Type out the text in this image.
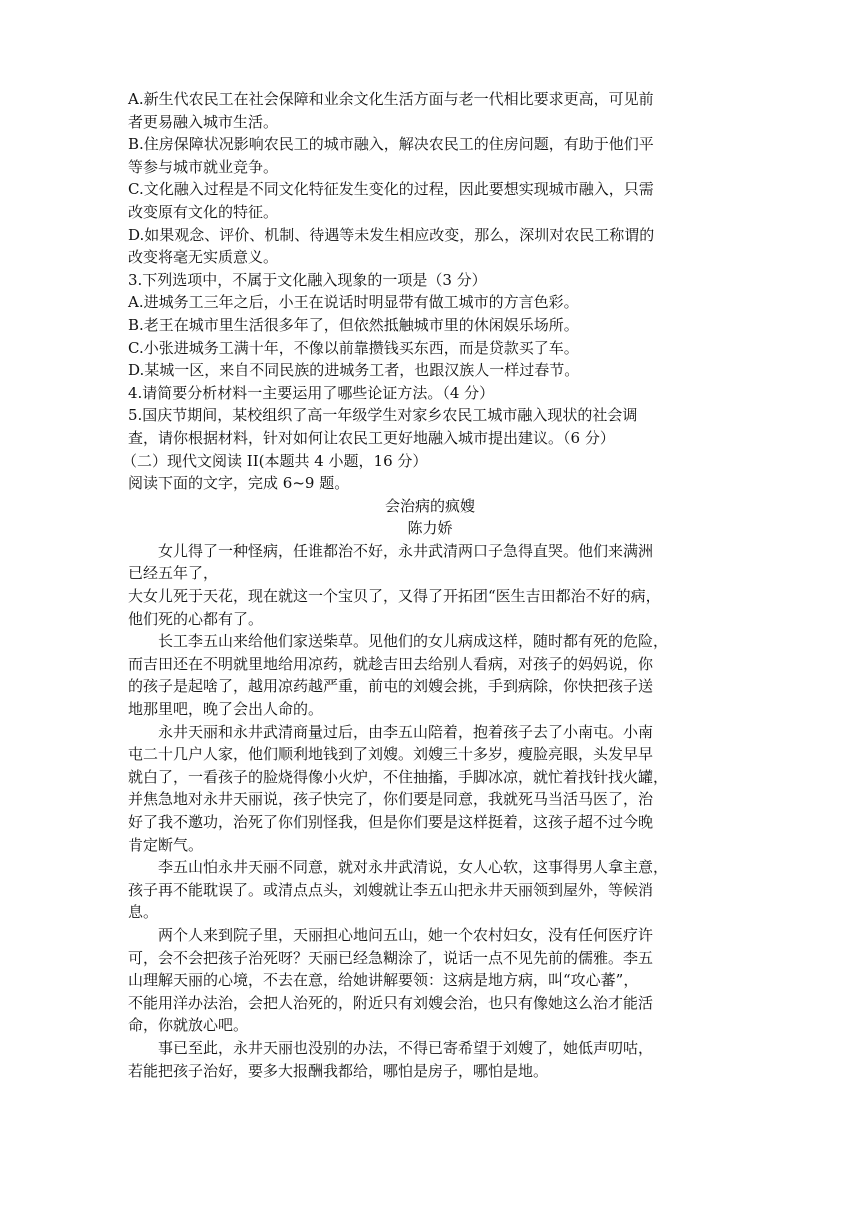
A.新生代农民工在社会保障和业余文化生活方面与老一代相比要求更高，可见前

者更易融入城市生活。

B.住房保障状况影响农民工的城市融入，解决农民工的住房问题，有助于他们平

等参与城市就业竞争。

C.文化融入过程是不同文化特征发生变化的过程，因此要想实现城市融入，只需

改变原有文化的特征。

D.如果观念、评价、机制、待遇等未发生相应改变，那么，深圳对农民工称谓的

改变将毫无实质意义。

3.下列选项中，不属于文化融入现象的一项是（3 分）

A.进城务工三年之后，小王在说话时明显带有做工城市的方言色彩。

B.老王在城市里生活很多年了，但依然抵触城市里的休闲娱乐场所。

C.小张进城务工满十年，不像以前靠攒钱买东西，而是贷款买了车。

D.某城一区，来自不同民族的进城务工者，也跟汉族人一样过春节。

4.请简要分析材料一主要运用了哪些论证方法。（4 分）

5.国庆节期间，某校组织了高一年级学生对家乡农民工城市融入现状的社会调

查，请你根据材料，针对如何让农民工更好地融入城市提出建议。（6 分）

（二）现代文阅读 II(本题共 4 小题，16 分）

阅读下面的文字，完成 6~9 题。

会治病的疯嫂

陈力娇

女儿得了一种怪病，任谁都治不好，永井武清两口子急得直哭。他们来满洲

已经五年了，

大女儿死于天花，现在就这一个宝贝了，又得了开拓团“医生吉田都治不好的病，

他们死的心都有了。

长工李五山来给他们家送柴草。见他们的女儿病成这样，随时都有死的危险，

而吉田还在不明就里地给用凉药，就趁吉田去给别人看病，对孩子的妈妈说，你

的孩子是起啥了，越用凉药越严重，前屯的刘嫂会挑，手到病除，你快把孩子送

地那里吧，晚了会出人命的。

永井天丽和永井武清商量过后，由李五山陪着，抱着孩子去了小南屯。小南

屯二十几户人家，他们顺利地钱到了刘嫂。刘嫂三十多岁，瘦脸亮眼，头发早早

就白了，一看孩子的脸烧得像小火炉，不住抽搐，手脚冰凉，就忙着找针找火罐，

并焦急地对永井天丽说，孩子快完了，你们要是同意，我就死马当活马医了，治

好了我不邀功，治死了你们别怪我，但是你们要是这样挺着，这孩子超不过今晚

肯定断气。

李五山怕永井天丽不同意，就对永井武清说，女人心软，这事得男人拿主意，

孩子再不能耽误了。或清点点头，刘嫂就让李五山把永井天丽领到屋外，等候消

息。

两个人来到院子里，天丽担心地问五山，她一个农村妇女，没有任何医疗许

可，会不会把孩子治死呀？天丽已经急糊涂了，说话一点不见先前的儒雅。李五

山理解天丽的心境，不去在意，给她讲解要领：这病是地方病，叫“攻心蕃”，

不能用洋办法治，会把人治死的，附近只有刘嫂会治，也只有像她这么治才能活

命，你就放心吧。

事已至此，永井天丽也没别的办法，不得已寄希望于刘嫂了，她低声叨咕，

若能把孩子治好，要多大报酬我都给，哪怕是房子，哪怕是地。
